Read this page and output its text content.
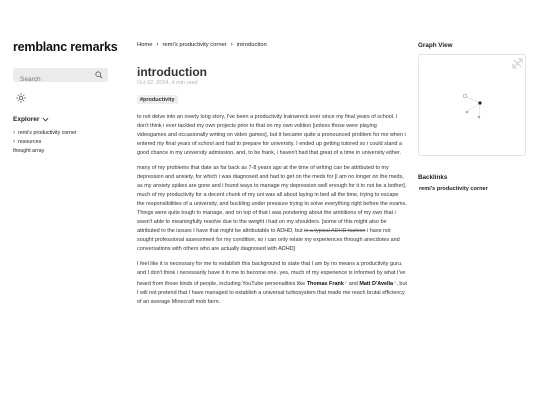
remblanc remarks
Search
Explorer
› remi's productivity corner
› resources
thought array
Home › remi's productivity corner › introduction
introduction
Oct 02, 2024, 4 min read
#productivity

to not delve into an overly long story, I've been a productivity trainwreck ever since my final years of school. i don't think i ever tackled my own projects prior to that on my own volition [unless those were playing videogames and occasionally writing on video games], but it became quite a pronounced problem for me when i entered my final years of school and had to prepare for university. I ended up getting tutored so i could stand a good chance in my university admission, and, to be frank, i haven't had that great of a time in university either.

many of my problems that date as far back as 7-8 years ago at the time of writing can be attributed to my depression and anxiety, for which i was diagnosed and had to get on the meds for [i am no longer on the meds, as my anxiety spikes are gone and i found ways to manage my depression well enough for it to not be a bother]. much of my productivity for a decent chunk of my uni was all about laying in bed all the time, trying to escape the responsibilities of a university, and buckling under pressure trying to solve everything right before the exams. Things were quite tough to manage, and on top of that i was pondering about the ambitions of my own that i wasn't able to meaningfully resolve due to the weight i had on my shoulders. [some of this might also be attributed to the issues I have that might be attributable to ADHD, but in a typical ADHD fashion i have not sought professional assessment for my condition, so i can only relate my experiences through anecdotes and conversations with others who are actually diagnosed with ADHD]

I feel like it is necessary for me to establish this background to state that I am by no means a productivity guru, and I don't think i necessarily have it in me to become one. yes, much of my experience is informed by what I've heard from those kinds of people, including YouTube personalities like Thomas Frank↗ and Matt D'Avella↗, but I will not pretend that I have managed to establish a universal turbosystem that made me reach brutal efficiency of an average Minecraft mob farm.

Graph View
Backlinks
remi's productivity corner
